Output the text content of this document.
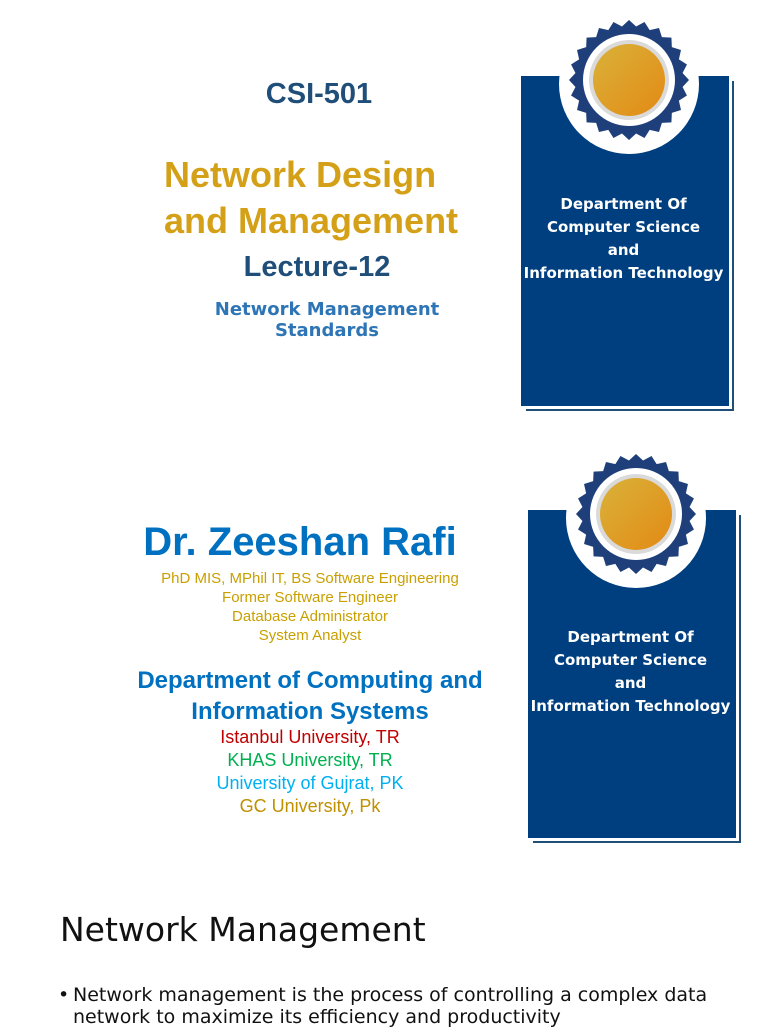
CSI-501
Network Design
and Management
Lecture-12
Network Management Standards
Department Of
Computer Science
and
Information Technology
Dr. Zeeshan Rafi
PhD MIS, MPhil IT, BS Software Engineering
Former Software Engineer
Database Administrator
System Analyst
Department of Computing and
Information Systems
Istanbul University, TR
KHAS University, TR
University of Gujrat, PK
GC University, Pk
Department Of
Computer Science
and
Information Technology
Network Management
• Network management is the process of controlling a complex data network to maximize its efficiency and productivity
